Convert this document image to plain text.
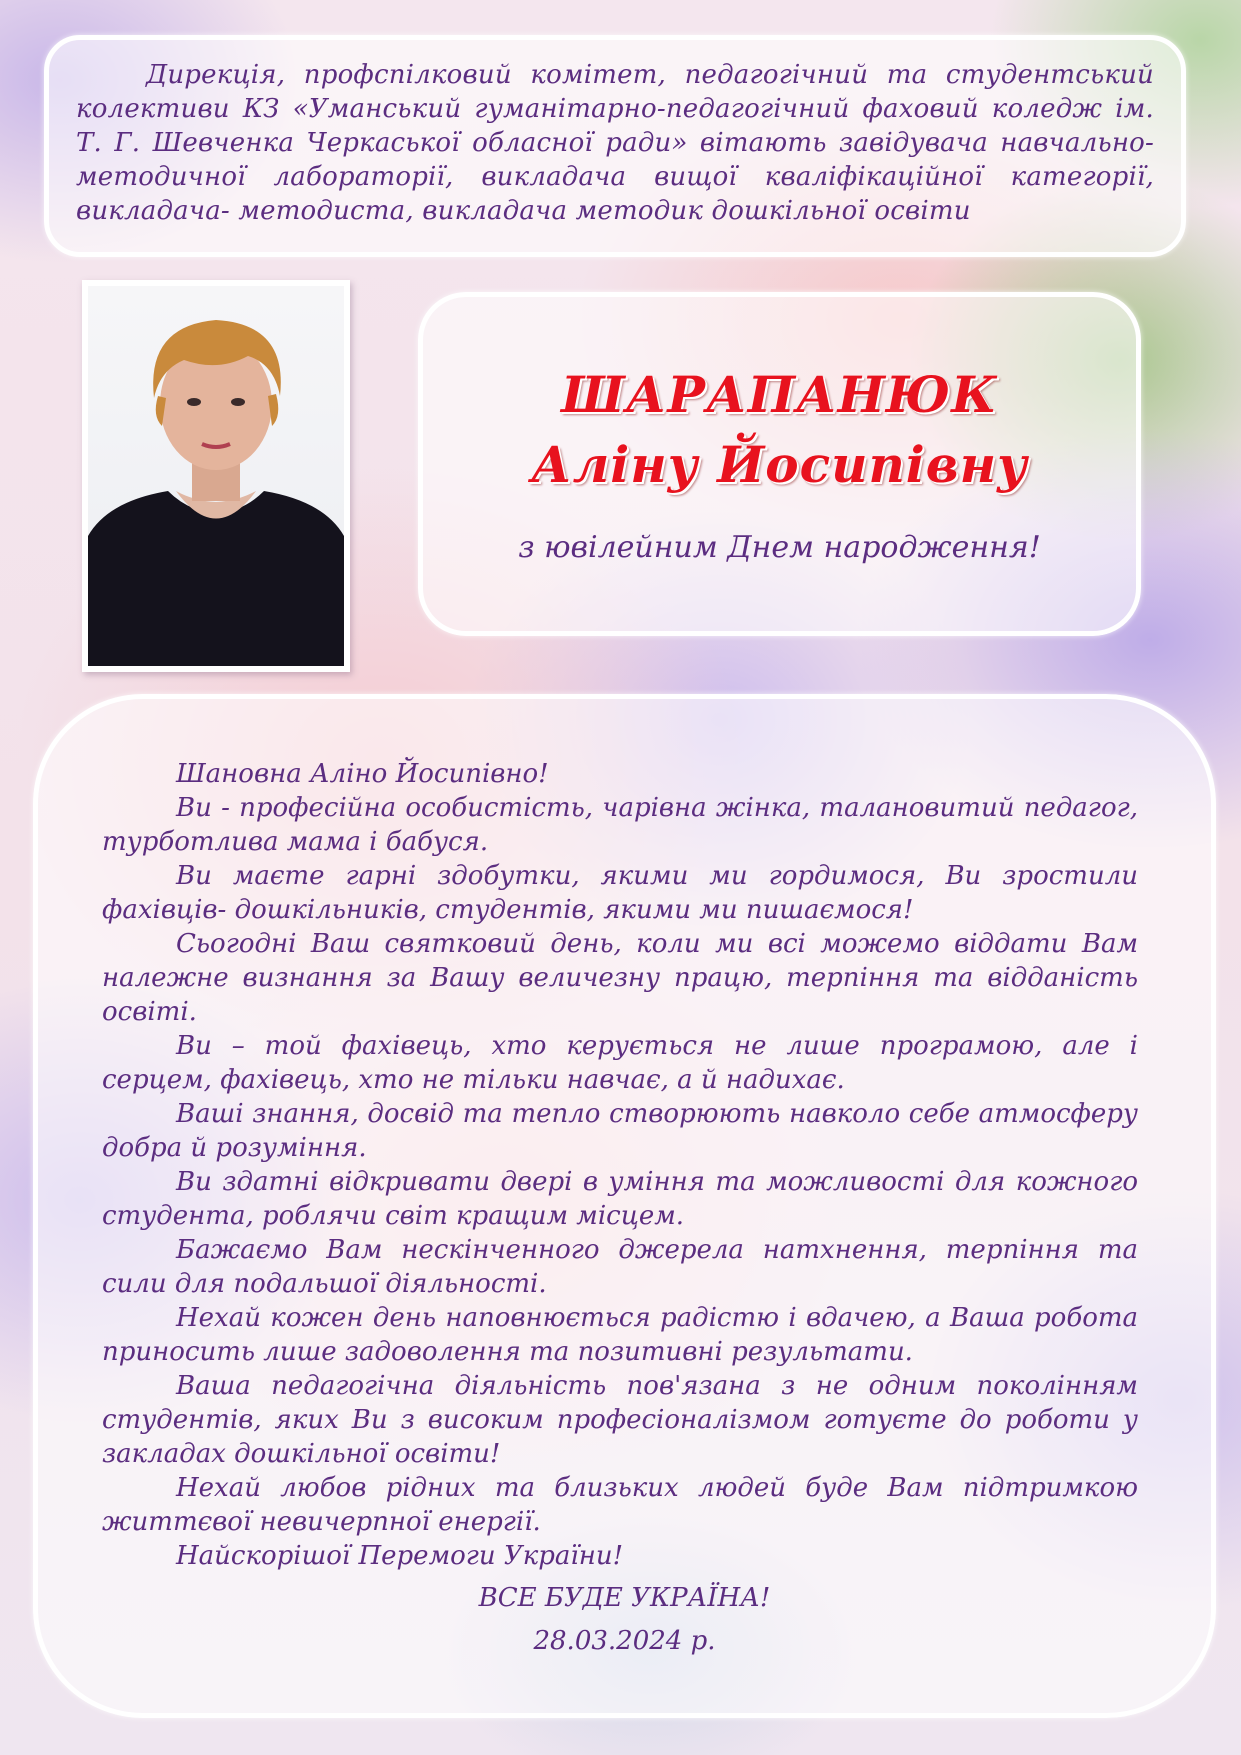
Дирекція, профспілковий комітет, педагогічний та студентський колективи КЗ «Уманський гуманітарно-педагогічний фаховий коледж ім. Т. Г. Шевченка Черкаської обласної ради» вітають завідувача навчально- методичної лабораторії, викладача вищої кваліфікаційної категорії, викладача- методиста, викладача методик дошкільної освіти

ШАРАПАНЮК

Аліну Йосипівну

з ювілейним Днем народження!

Шановна Аліно Йосипівно!

Ви - професійна особистість, чарівна жінка, талановитий педагог, турботлива мама і бабуся.

Ви маєте гарні здобутки, якими ми гордимося, Ви зростили фахівців- дошкільників, студентів, якими ми пишаємося!

Сьогодні Ваш святковий день, коли ми всі можемо віддати Вам належне визнання за Вашу величезну працю, терпіння та відданість освіті.

Ви – той фахівець, хто керується не лише програмою, але і серцем, фахівець, хто не тільки навчає, а й надихає.

Ваші знання, досвід та тепло створюють навколо себе атмосферу добра й розуміння.

Ви здатні відкривати двері в уміння та можливості для кожного студента, роблячи світ кращим місцем.

Бажаємо Вам нескінченного джерела натхнення, терпіння та сили для подальшої діяльності.

Нехай кожен день наповнюється радістю і вдачею, а Ваша робота приносить лише задоволення та позитивні результати.

Ваша педагогічна діяльність пов'язана з не одним поколінням студентів, яких Ви з високим професіоналізмом готуєте до роботи у закладах дошкільної освіти!

Нехай любов рідних та близьких людей буде Вам підтримкою життєвої невичерпної енергії.

Найскорішої Перемоги України!

ВСЕ БУДЕ УКРАЇНА!

28.03.2024 р.
